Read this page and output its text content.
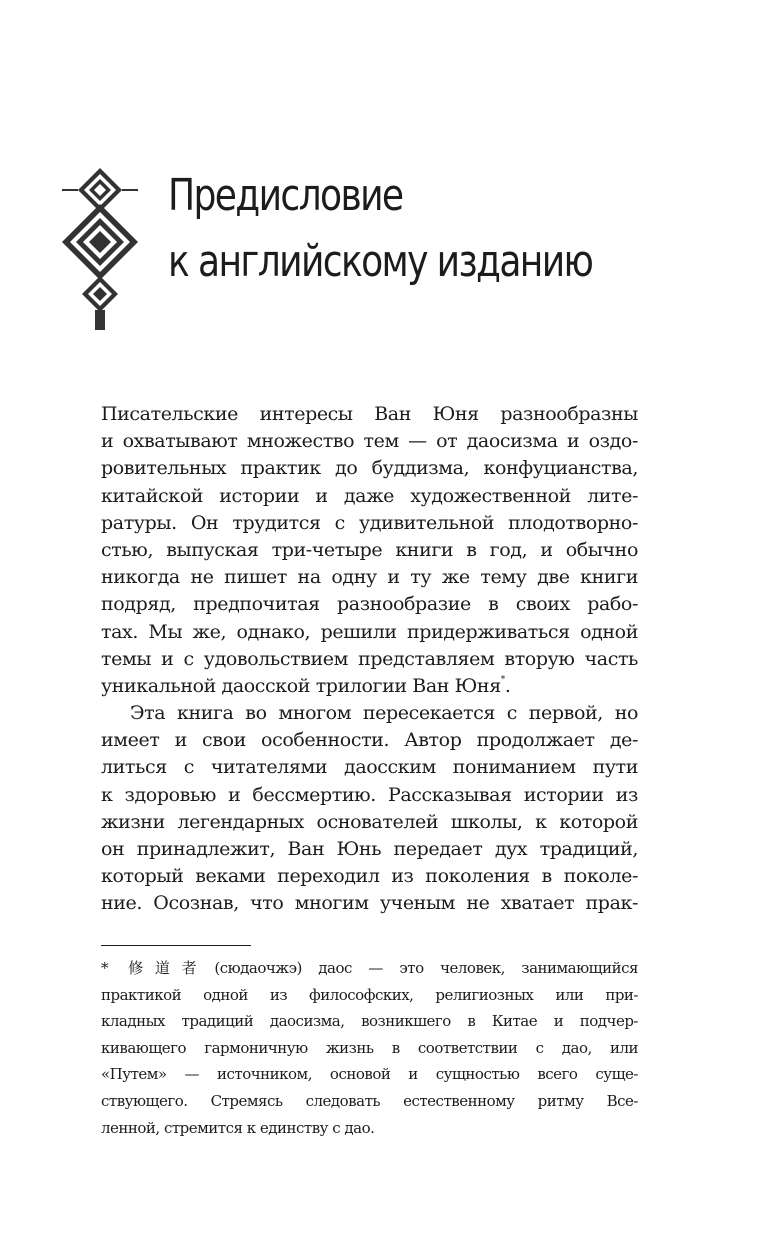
Предисловие
к английскому изданию
Писательские интересы Ван Юня разнообразны
и охватывают множество тем — от даосизма и оздо-
ровительных практик до буддизма, конфуцианства,
китайской истории и даже художественной лите-
ратуры. Он трудится с удивительной плодотворно-
стью, выпуская три-четыре книги в год, и обычно
никогда не пишет на одну и ту же тему две книги
подряд, предпочитая разнообразие в своих рабо-
тах. Мы же, однако, решили придерживаться одной
темы и с удовольствием представляем вторую часть
уникальной даосской трилогии Ван Юня*.
Эта книга во многом пересекается с первой, но
имеет и свои особенности. Автор продолжает де-
литься с читателями даосским пониманием пути
к здоровью и бессмертию. Рассказывая истории из
жизни легендарных основателей школы, к которой
он принадлежит, Ван Юнь передает дух традиций,
который веками переходил из поколения в поколе-
ние. Осознав, что многим ученым не хватает прак-
* 修道者 (сюдаочжэ) даос — это человек, занимающийся
практикой одной из философских, религиозных или при-
кладных традиций даосизма, возникшего в Китае и подчер-
кивающего гармоничную жизнь в соответствии с дао, или
«Путем» — источником, основой и сущностью всего суще-
ствующего. Стремясь следовать естественному ритму Все-
ленной, стремится к единству с дао.
